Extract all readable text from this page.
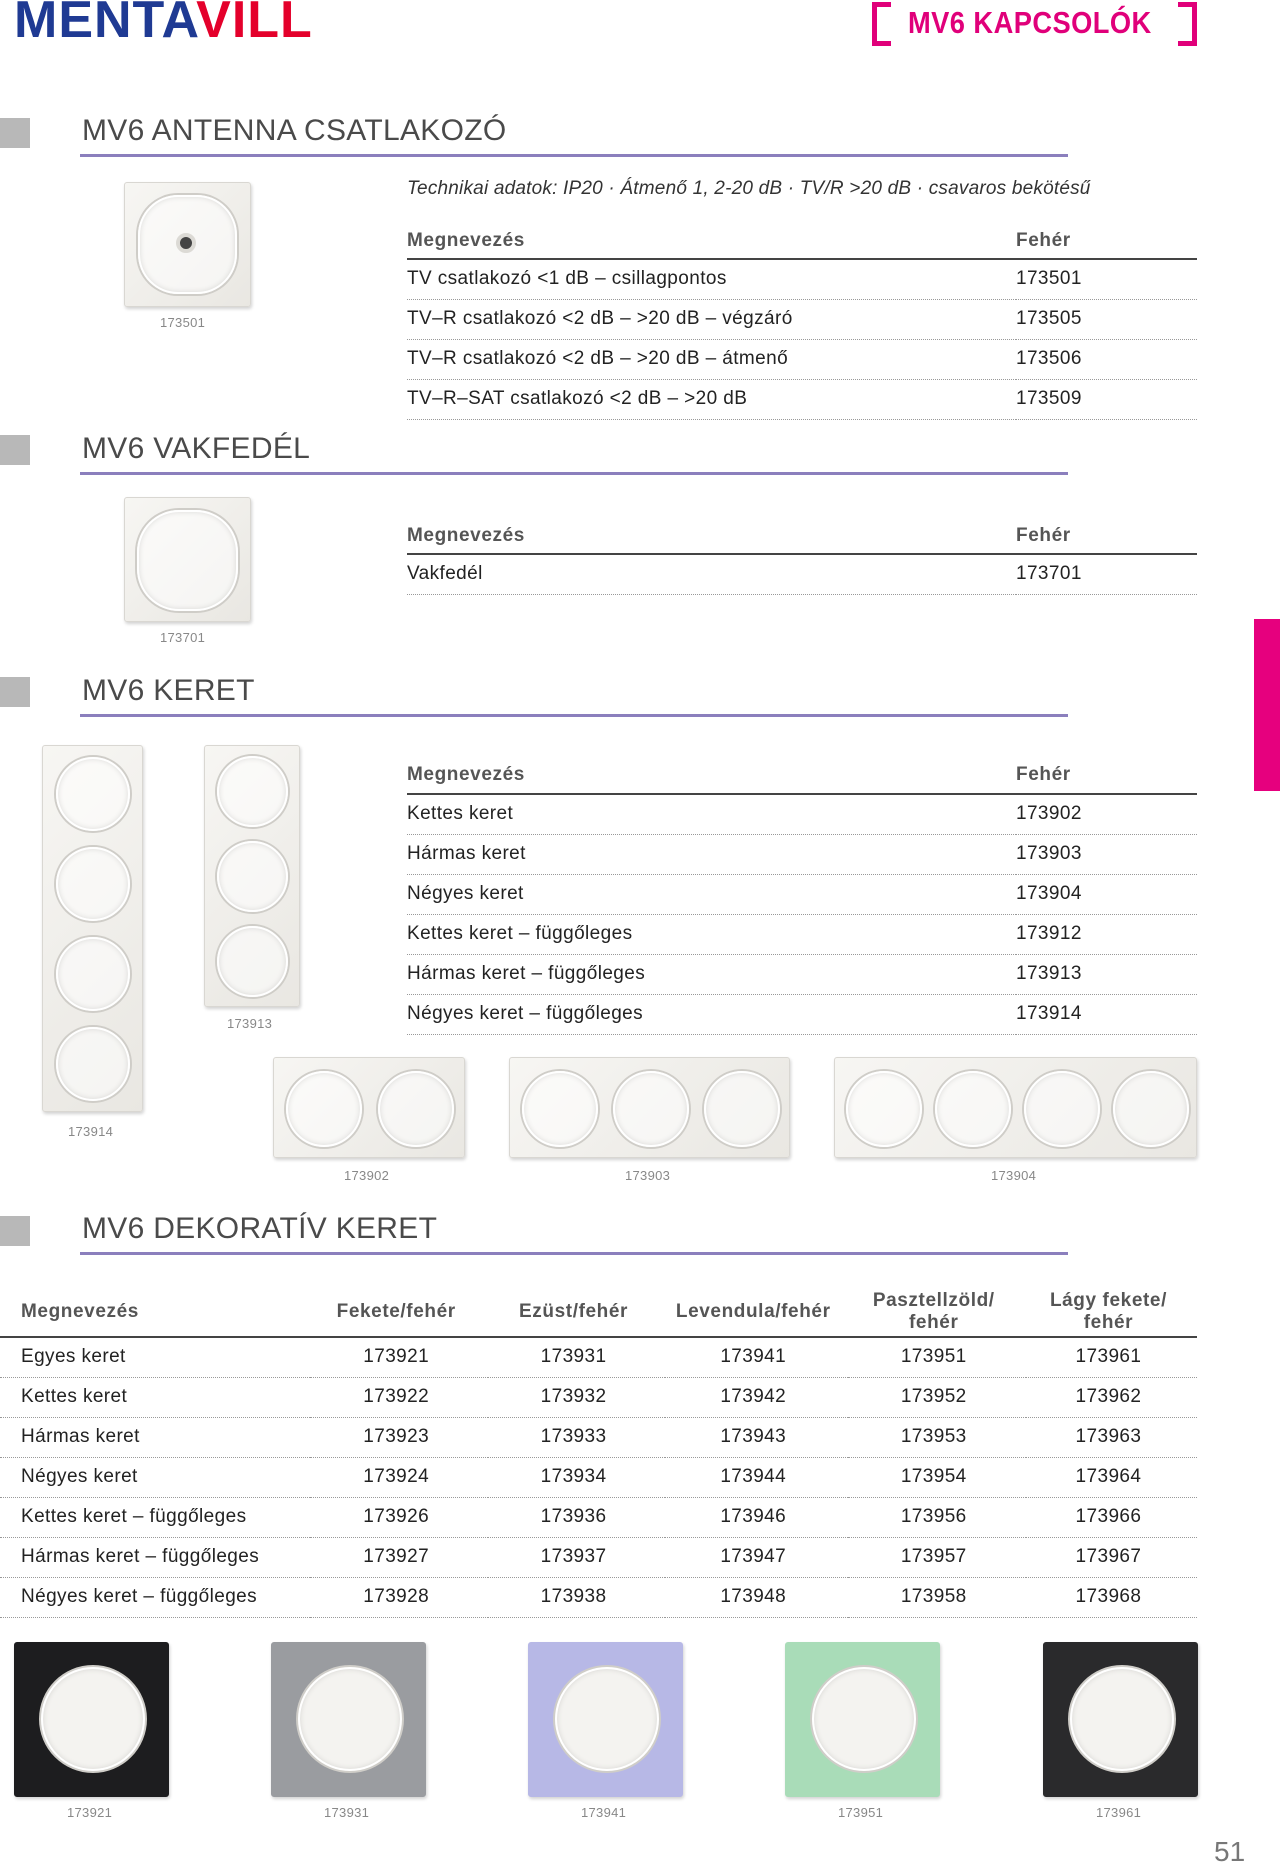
MENTAVILL	MV6 KAPCSOLÓK
MV6 ANTENNA CSATLAKOZÓ
173501
Technikai adatok: IP20 · Átmenő 1, 2-20 dB · TV/R >20 dB · csavaros bekötésű
Megnevezés	Fehér
TV csatlakozó <1 dB – csillagpontos	173501
TV–R csatlakozó <2 dB – >20 dB – végzáró	173505
TV–R csatlakozó <2 dB – >20 dB – átmenő	173506
TV–R–SAT csatlakozó <2 dB – >20 dB	173509
MV6 VAKFEDÉL
173701
Megnevezés	Fehér
Vakfedél	173701
MV6 KERET
173914
173913
Megnevezés	Fehér
Kettes keret	173902
Hármas keret	173903
Négyes keret	173904
Kettes keret – függőleges	173912
Hármas keret – függőleges	173913
Négyes keret – függőleges	173914
173902	173903	173904
MV6 DEKORATÍV KERET
Megnevezés	Fekete/fehér	Ezüst/fehér	Levendula/fehér	Pasztellzöld/ fehér	Lágy fekete/ fehér
Egyes keret	173921	173931	173941	173951	173961
Kettes keret	173922	173932	173942	173952	173962
Hármas keret	173923	173933	173943	173953	173963
Négyes keret	173924	173934	173944	173954	173964
Kettes keret – függőleges	173926	173936	173946	173956	173966
Hármas keret – függőleges	173927	173937	173947	173957	173967
Négyes keret – függőleges	173928	173938	173948	173958	173968
173921	173931	173941	173951	173961
51
